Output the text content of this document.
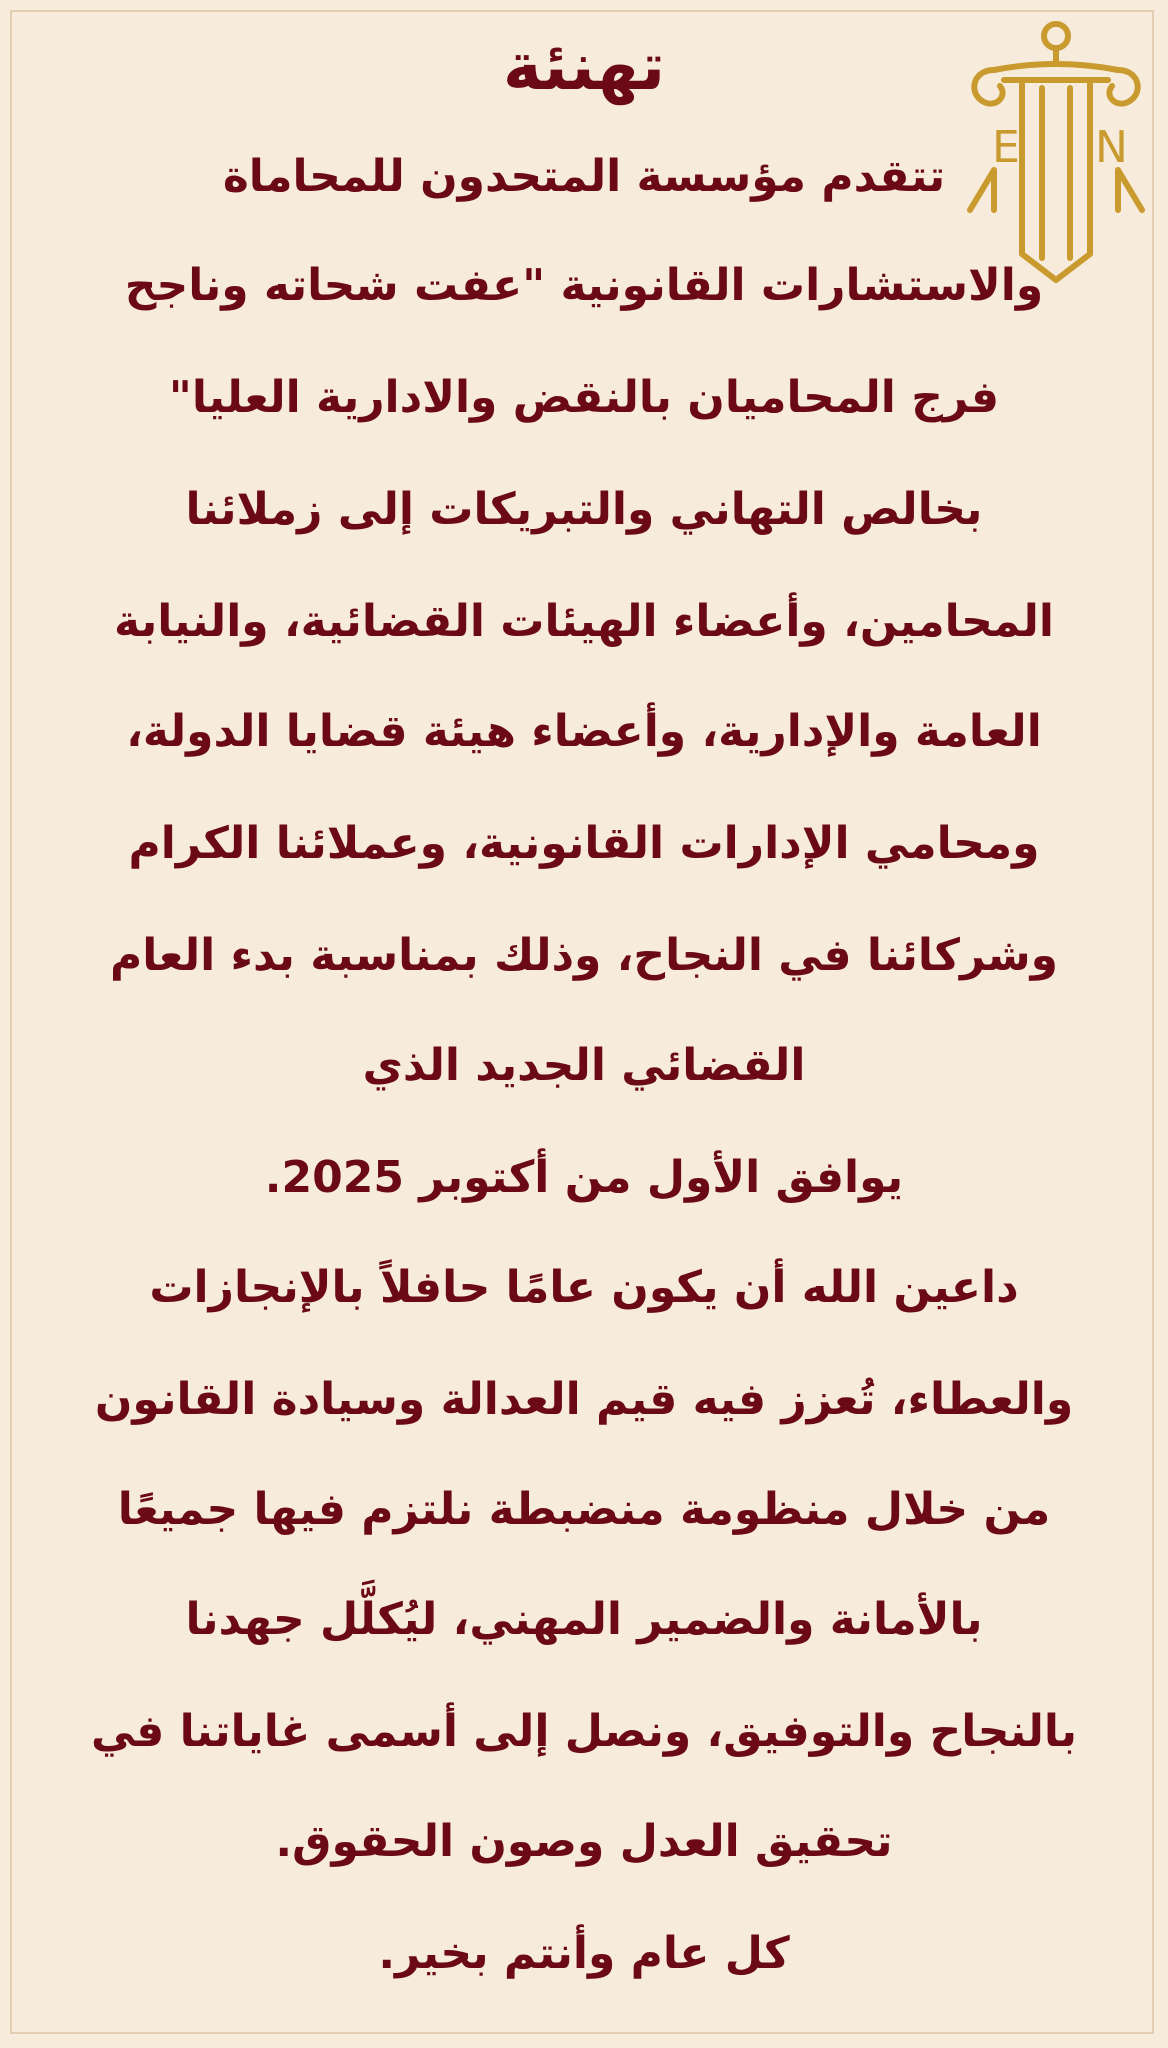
E N
تهنئة
تتقدم مؤسسة المتحدون للمحاماة
والاستشارات القانونية "عفت شحاته وناجح
فرج المحاميان بالنقض والادارية العليا"
بخالص التهاني والتبريكات إلى زملائنا
المحامين، وأعضاء الهيئات القضائية، والنيابة
العامة والإدارية، وأعضاء هيئة قضايا الدولة،
ومحامي الإدارات القانونية، وعملائنا الكرام
وشركائنا في النجاح، وذلك بمناسبة بدء العام
القضائي الجديد الذي
يوافق الأول من أكتوبر 2025.
داعين الله أن يكون عامًا حافلاً بالإنجازات
والعطاء، تُعزز فيه قيم العدالة وسيادة القانون
من خلال منظومة منضبطة نلتزم فيها جميعًا
بالأمانة والضمير المهني، ليُكلَّل جهدنا
بالنجاح والتوفيق، ونصل إلى أسمى غاياتنا في
تحقيق العدل وصون الحقوق.
كل عام وأنتم بخير.
